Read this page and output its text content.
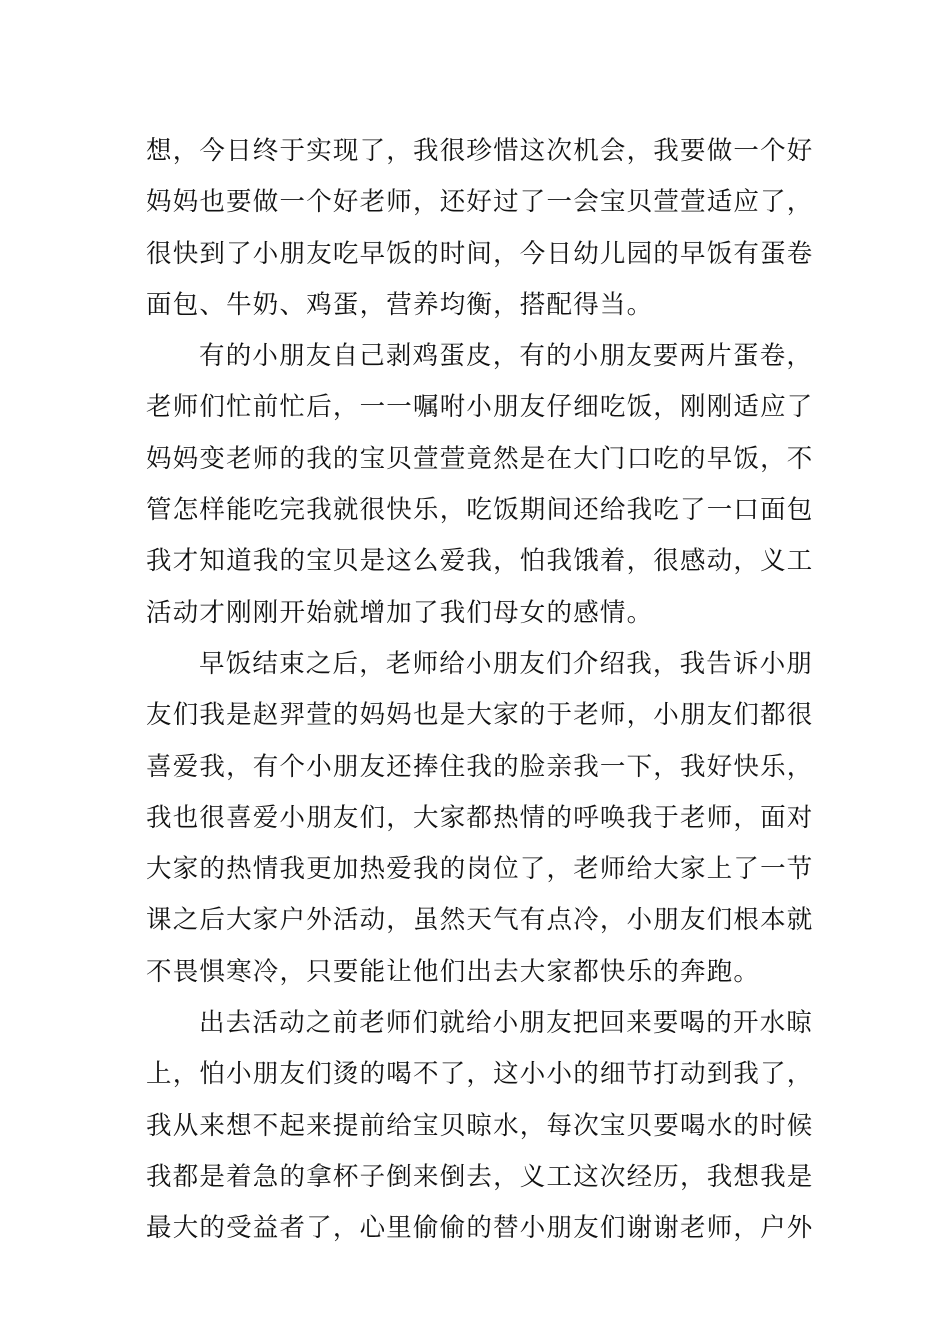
想，今日终于实现了，我很珍惜这次机会，我要做一个好
妈妈也要做一个好老师，还好过了一会宝贝萱萱适应了，
很快到了小朋友吃早饭的时间，今日幼儿园的早饭有蛋卷
面包、牛奶、鸡蛋，营养均衡，搭配得当。
有的小朋友自己剥鸡蛋皮，有的小朋友要两片蛋卷，
老师们忙前忙后，一一嘱咐小朋友仔细吃饭，刚刚适应了
妈妈变老师的我的宝贝萱萱竟然是在大门口吃的早饭，不
管怎样能吃完我就很快乐，吃饭期间还给我吃了一口面包
我才知道我的宝贝是这么爱我，怕我饿着，很感动，义工
活动才刚刚开始就增加了我们母女的感情。
早饭结束之后，老师给小朋友们介绍我，我告诉小朋
友们我是赵羿萱的妈妈也是大家的于老师，小朋友们都很
喜爱我，有个小朋友还捧住我的脸亲我一下，我好快乐，
我也很喜爱小朋友们，大家都热情的呼唤我于老师，面对
大家的热情我更加热爱我的岗位了，老师给大家上了一节
课之后大家户外活动，虽然天气有点冷，小朋友们根本就
不畏惧寒冷，只要能让他们出去大家都快乐的奔跑。
出去活动之前老师们就给小朋友把回来要喝的开水晾
上，怕小朋友们烫的喝不了，这小小的细节打动到我了，
我从来想不起来提前给宝贝晾水，每次宝贝要喝水的时候
我都是着急的拿杯子倒来倒去，义工这次经历，我想我是
最大的受益者了，心里偷偷的替小朋友们谢谢老师，户外
